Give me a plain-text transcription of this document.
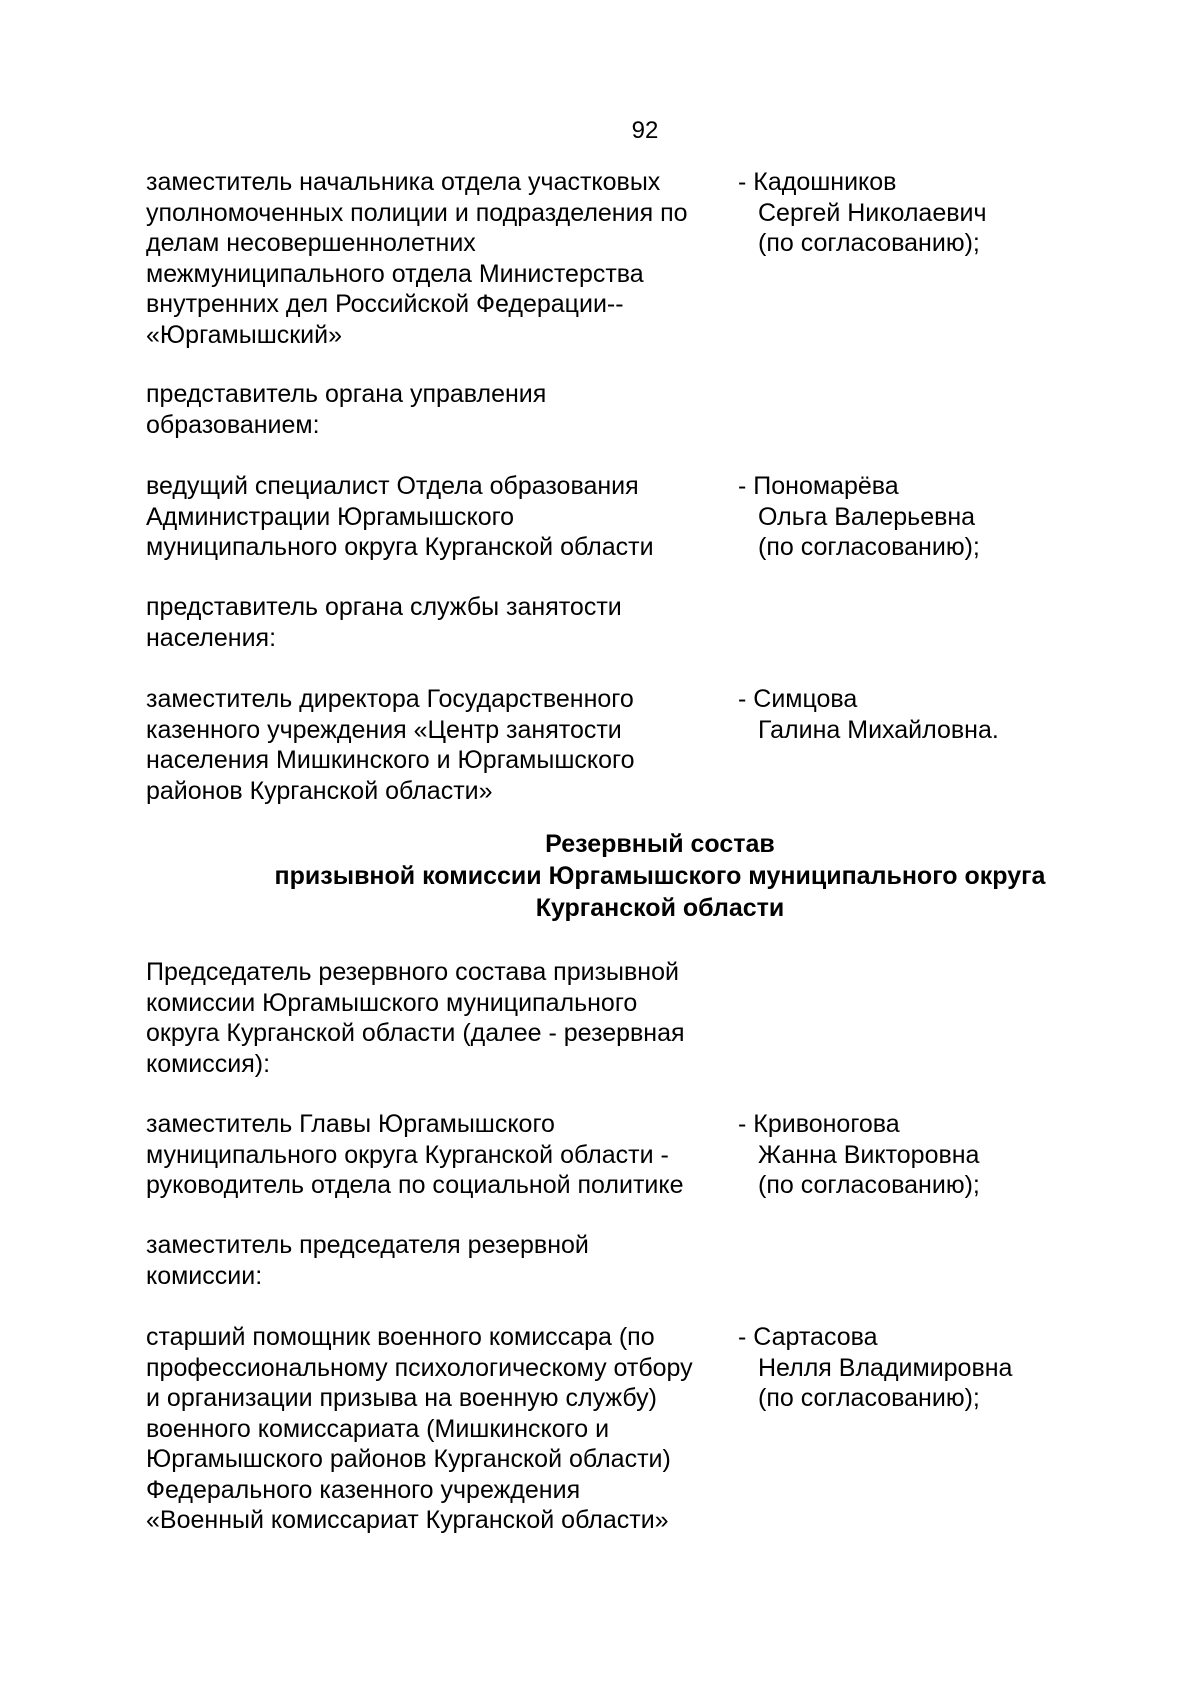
92
заместитель начальника отдела участковых
уполномоченных полиции и подразделения по
делам несовершеннолетних
межмуниципального отдела Министерства
внутренних дел Российской Федерации--
«Юргамышский»
- Кадошников
Сергей Николаевич
(по согласованию);
представитель органа управления
образованием:
ведущий специалист Отдела образования
Администрации Юргамышского
муниципального округа Курганской области
- Пономарёва
Ольга Валерьевна
(по согласованию);
представитель органа службы занятости
населения:
заместитель директора Государственного
казенного учреждения «Центр занятости
населения Мишкинского и Юргамышского
районов Курганской области»
- Симцова
Галина Михайловна.
Резервный состав
призывной комиссии Юргамышского муниципального округа
Курганской области
Председатель резервного состава призывной
комиссии Юргамышского муниципального
округа Курганской области (далее - резервная
комиссия):
заместитель Главы Юргамышского
муниципального округа Курганской области -
руководитель отдела по социальной политике
- Кривоногова
Жанна Викторовна
(по согласованию);
заместитель председателя резервной
комиссии:
старший помощник военного комиссара (по
профессиональному психологическому отбору
и организации призыва на военную службу)
военного комиссариата (Мишкинского и
Юргамышского районов Курганской области)
Федерального казенного учреждения
«Военный комиссариат Курганской области»
- Сартасова
Нелля Владимировна
(по согласованию);
